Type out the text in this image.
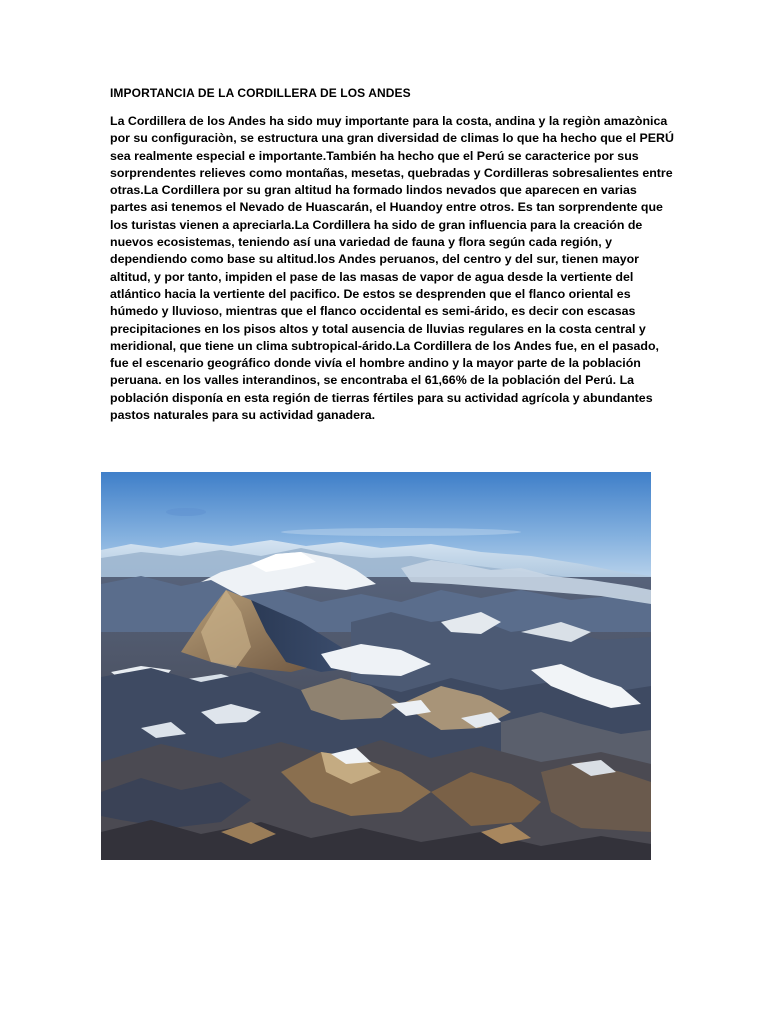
IMPORTANCIA DE LA CORDILLERA DE LOS ANDES
La Cordillera de los Andes ha sido muy importante para la costa, andina y la regiòn amazònica
por su configuraciòn, se estructura una gran diversidad de climas lo que ha hecho que el PERÚ
sea realmente especial e importante.También ha hecho que el Perú se caracterice por sus
sorprendentes relieves como montañas, mesetas, quebradas y Cordilleras sobresalientes entre
otras.La Cordillera por su gran altitud ha formado lindos nevados que aparecen en varias
partes asi tenemos el Nevado de Huascarán, el Huandoy entre otros. Es tan sorprendente que
los turistas vienen a apreciarla.La Cordillera ha sido de gran influencia para la creación de
nuevos ecosistemas, teniendo así una variedad de fauna y flora según cada región, y
dependiendo como base su altitud.los Andes peruanos, del centro y del sur, tienen mayor
altitud, y por tanto, impiden el pase de las masas de vapor de agua desde la vertiente del
atlántico hacia la vertiente del pacifico. De estos se desprenden que el flanco oriental es
húmedo y lluvioso, mientras que el flanco occidental es semi-árido, es decir con escasas
precipitaciones en los pisos altos y total ausencia de lluvias regulares en la costa central y
meridional, que tiene un clima subtropical-árido.La Cordillera de los Andes fue, en el pasado,
fue el escenario geográfico donde vivía el hombre andino y la mayor parte de la población
peruana. en los valles interandinos, se encontraba el 61,66% de la población del Perú. La
población disponía en esta región de tierras fértiles para su actividad agrícola y abundantes
pastos naturales para su actividad ganadera.
